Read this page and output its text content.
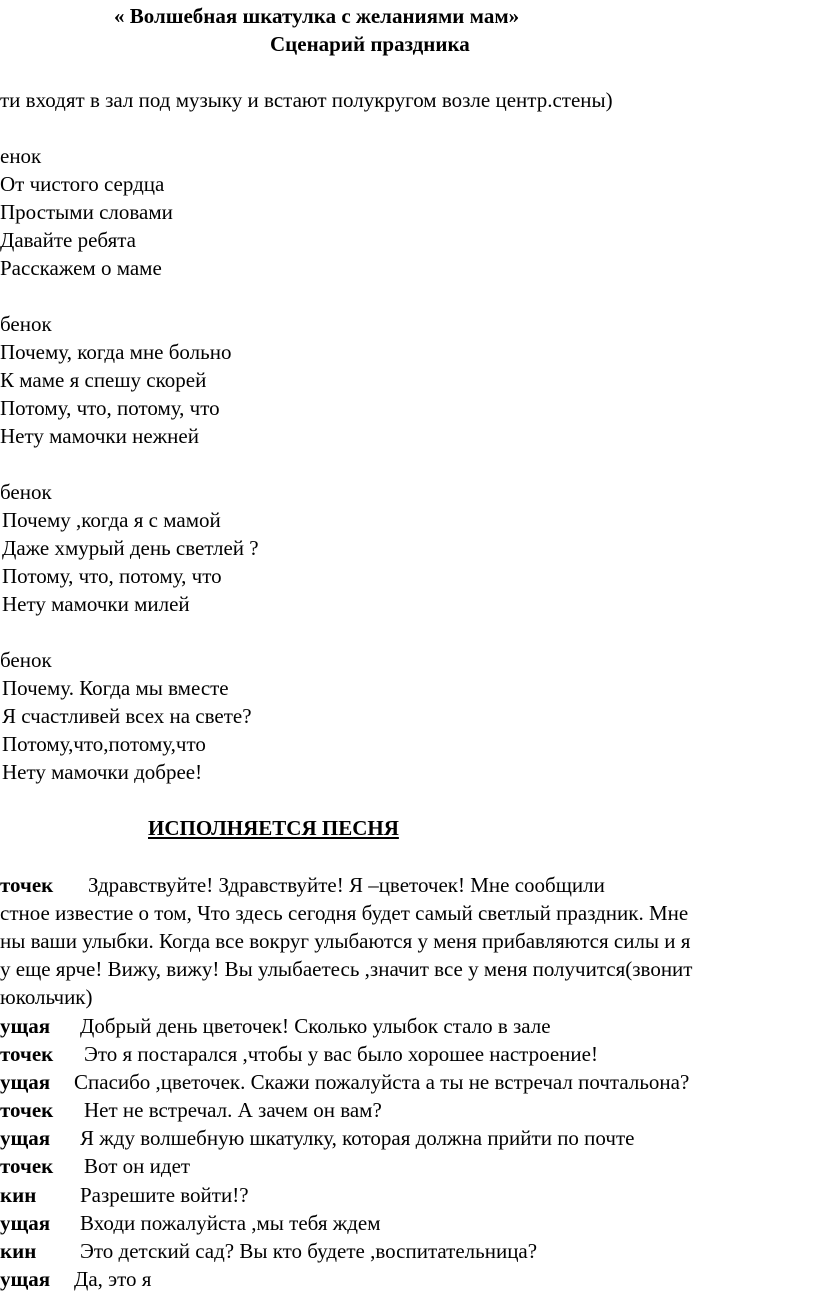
« Волшебная шкатулка с желаниями мам»
Сценарий праздника
ти входят в зал под музыку и встают полукругом возле центр.стены)
енок
От чистого сердца
Простыми словами
Давайте ребята
Расскажем о маме
бенок
Почему, когда мне больно
К маме я спешу скорей
Потому, что, потому, что
Нету мамочки нежней
бенок
Почему ,когда я с мамой
Даже хмурый день светлей ?
Потому, что, потому, что
Нету мамочки милей
бенок
Почему. Когда мы вместе
Я счастливей всех на свете?
Потому,что,потому,что
Нету мамочки добрее!
ИСПОЛНЯЕТСЯ ПЕСНЯ
точек Здравствуйте! Здравствуйте! Я –цветочек! Мне сообщили
стное известие о том, Что здесь сегодня будет самый светлый праздник. Мне
ны ваши улыбки. Когда все вокруг улыбаются у меня прибавляются силы и я
у еще ярче! Вижу, вижу! Вы улыбаетесь ,значит все у меня получится(звонит
юкольчик)
ущая Добрый день цветочек! Сколько улыбок стало в зале
точек Это я постарался ,чтобы у вас было хорошее настроение!
ущая Спасибо ,цветочек. Скажи пожалуйста а ты не встречал почтальона?
точек Нет не встречал. А зачем он вам?
ущая Я жду волшебную шкатулку, которая должна прийти по почте
точек Вот он идет
кин Разрешите войти!?
ущая Входи пожалуйста ,мы тебя ждем
кин Это детский сад? Вы кто будете ,воспитательница?
ущая Да, это я
